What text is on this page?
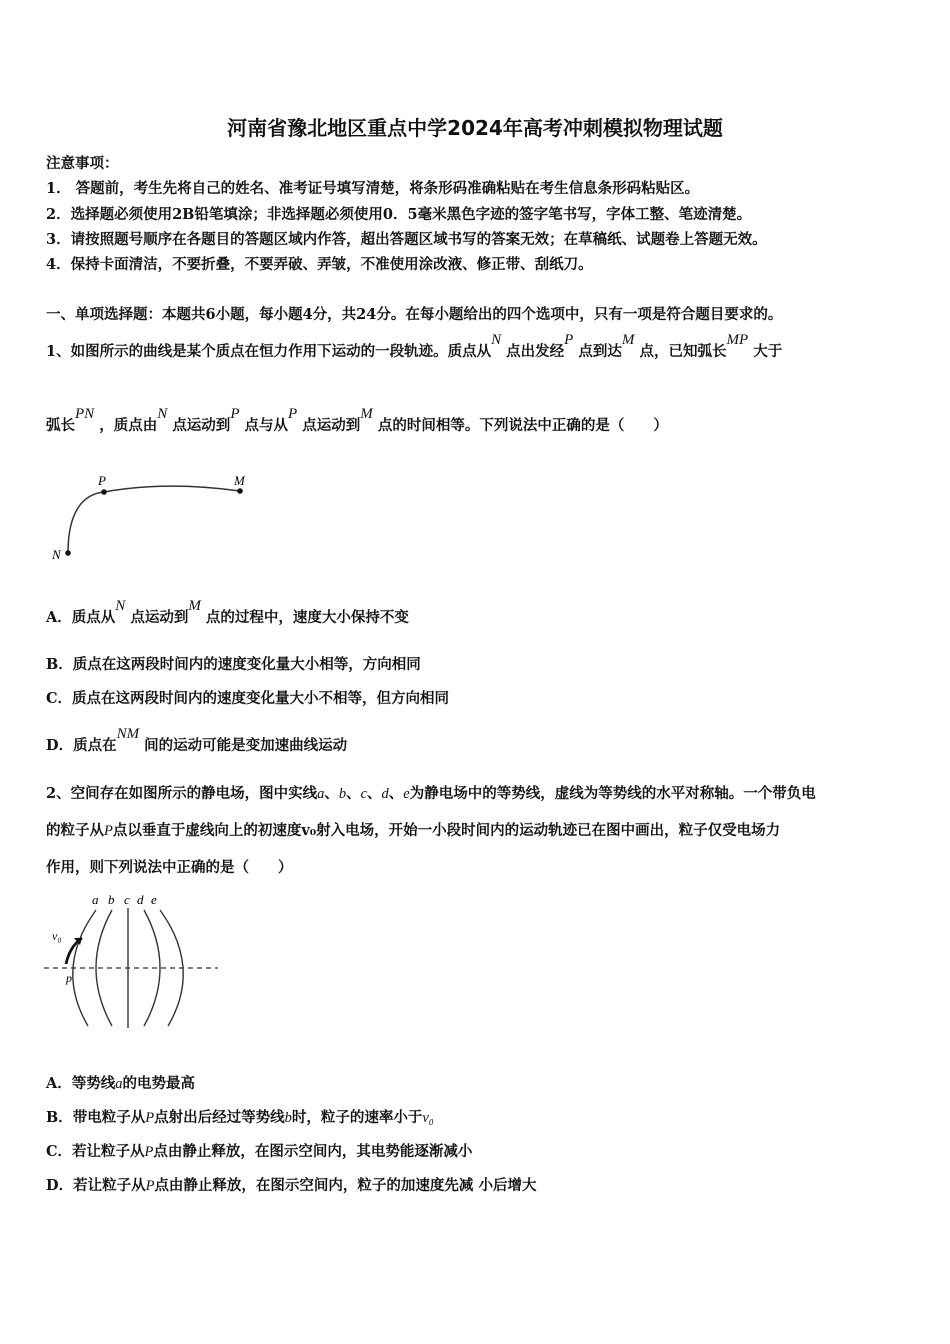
河南省豫北地区重点中学2024年高考冲刺模拟物理试题
注意事项：
1． 答题前，考生先将自己的姓名、准考证号填写清楚，将条形码准确粘贴在考生信息条形码粘贴区。
2．选择题必须使用2B铅笔填涂；非选择题必须使用0．5毫米黑色字迹的签字笔书写，字体工整、笔迹清楚。
3．请按照题号顺序在各题目的答题区域内作答，超出答题区域书写的答案无效；在草稿纸、试题卷上答题无效。
4．保持卡面清洁，不要折叠，不要弄破、弄皱，不准使用涂改液、修正带、刮纸刀。
一、单项选择题：本题共6小题，每小题4分，共24分。在每小题给出的四个选项中，只有一项是符合题目要求的。
1、如图所示的曲线是某个质点在恒力作用下运动的一段轨迹。质点从N 点出发经P 点到达M 点，已知弧长MP 大于
弧长PN ，质点由N 点运动到P 点与从P 点运动到M 点的时间相等。下列说法中正确的是（　　）
P	M
N
A．质点从N 点运动到M 点的过程中，速度大小保持不变
B．质点在这两段时间内的速度变化量大小相等，方向相同
C．质点在这两段时间内的速度变化量大小不相等，但方向相同
D．质点在NM 间的运动可能是变加速曲线运动
2、空间存在如图所示的静电场，图中实线a、b、c、d、e为静电场中的等势线，虚线为等势线的水平对称轴。一个带负电
的粒子从P点以垂直于虚线向上的初速度v₀射入电场，开始一小段时间内的运动轨迹已在图中画出，粒子仅受电场力
作用，则下列说法中正确的是（　　）
a b c d e
v₀
p
A．等势线a的电势最高
B．带电粒子从P点射出后经过等势线b时，粒子的速率小于v₀
C．若让粒子从P点由静止释放，在图示空间内，其电势能逐渐减小
D．若让粒子从P点由静止释放，在图示空间内，粒子的加速度先减 小后增大
